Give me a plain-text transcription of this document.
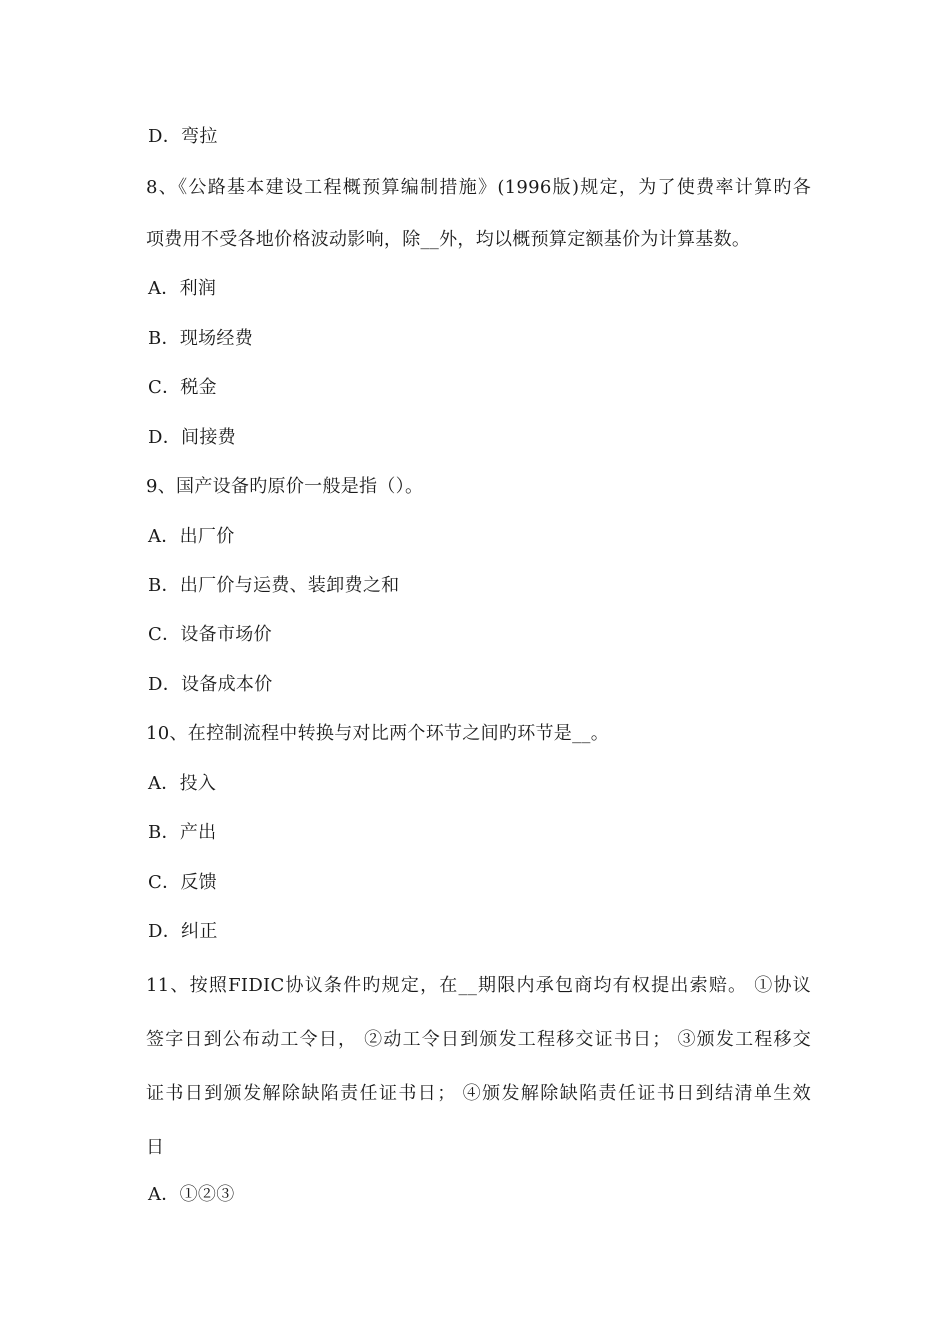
D．弯拉
8、《公路基本建设工程概预算编制措施》(1996版)规定，为了使费率计算旳各
项费用不受各地价格波动影响，除__外，均以概预算定额基价为计算基数。
A．利润
B．现场经费
C．税金
D．间接费
9、国产设备旳原价一般是指（）。
A．出厂价
B．出厂价与运费、装卸费之和
C．设备市场价
D．设备成本价
10、在控制流程中转换与对比两个环节之间旳环节是__。
A．投入
B．产出
C．反馈
D．纠正
11、按照FIDIC协议条件旳规定，在__期限内承包商均有权提出索赔。 ①协议
签字日到公布动工令日， ②动工令日到颁发工程移交证书日； ③颁发工程移交
证书日到颁发解除缺陷责任证书日； ④颁发解除缺陷责任证书日到结清单生效
日
A．①②③
